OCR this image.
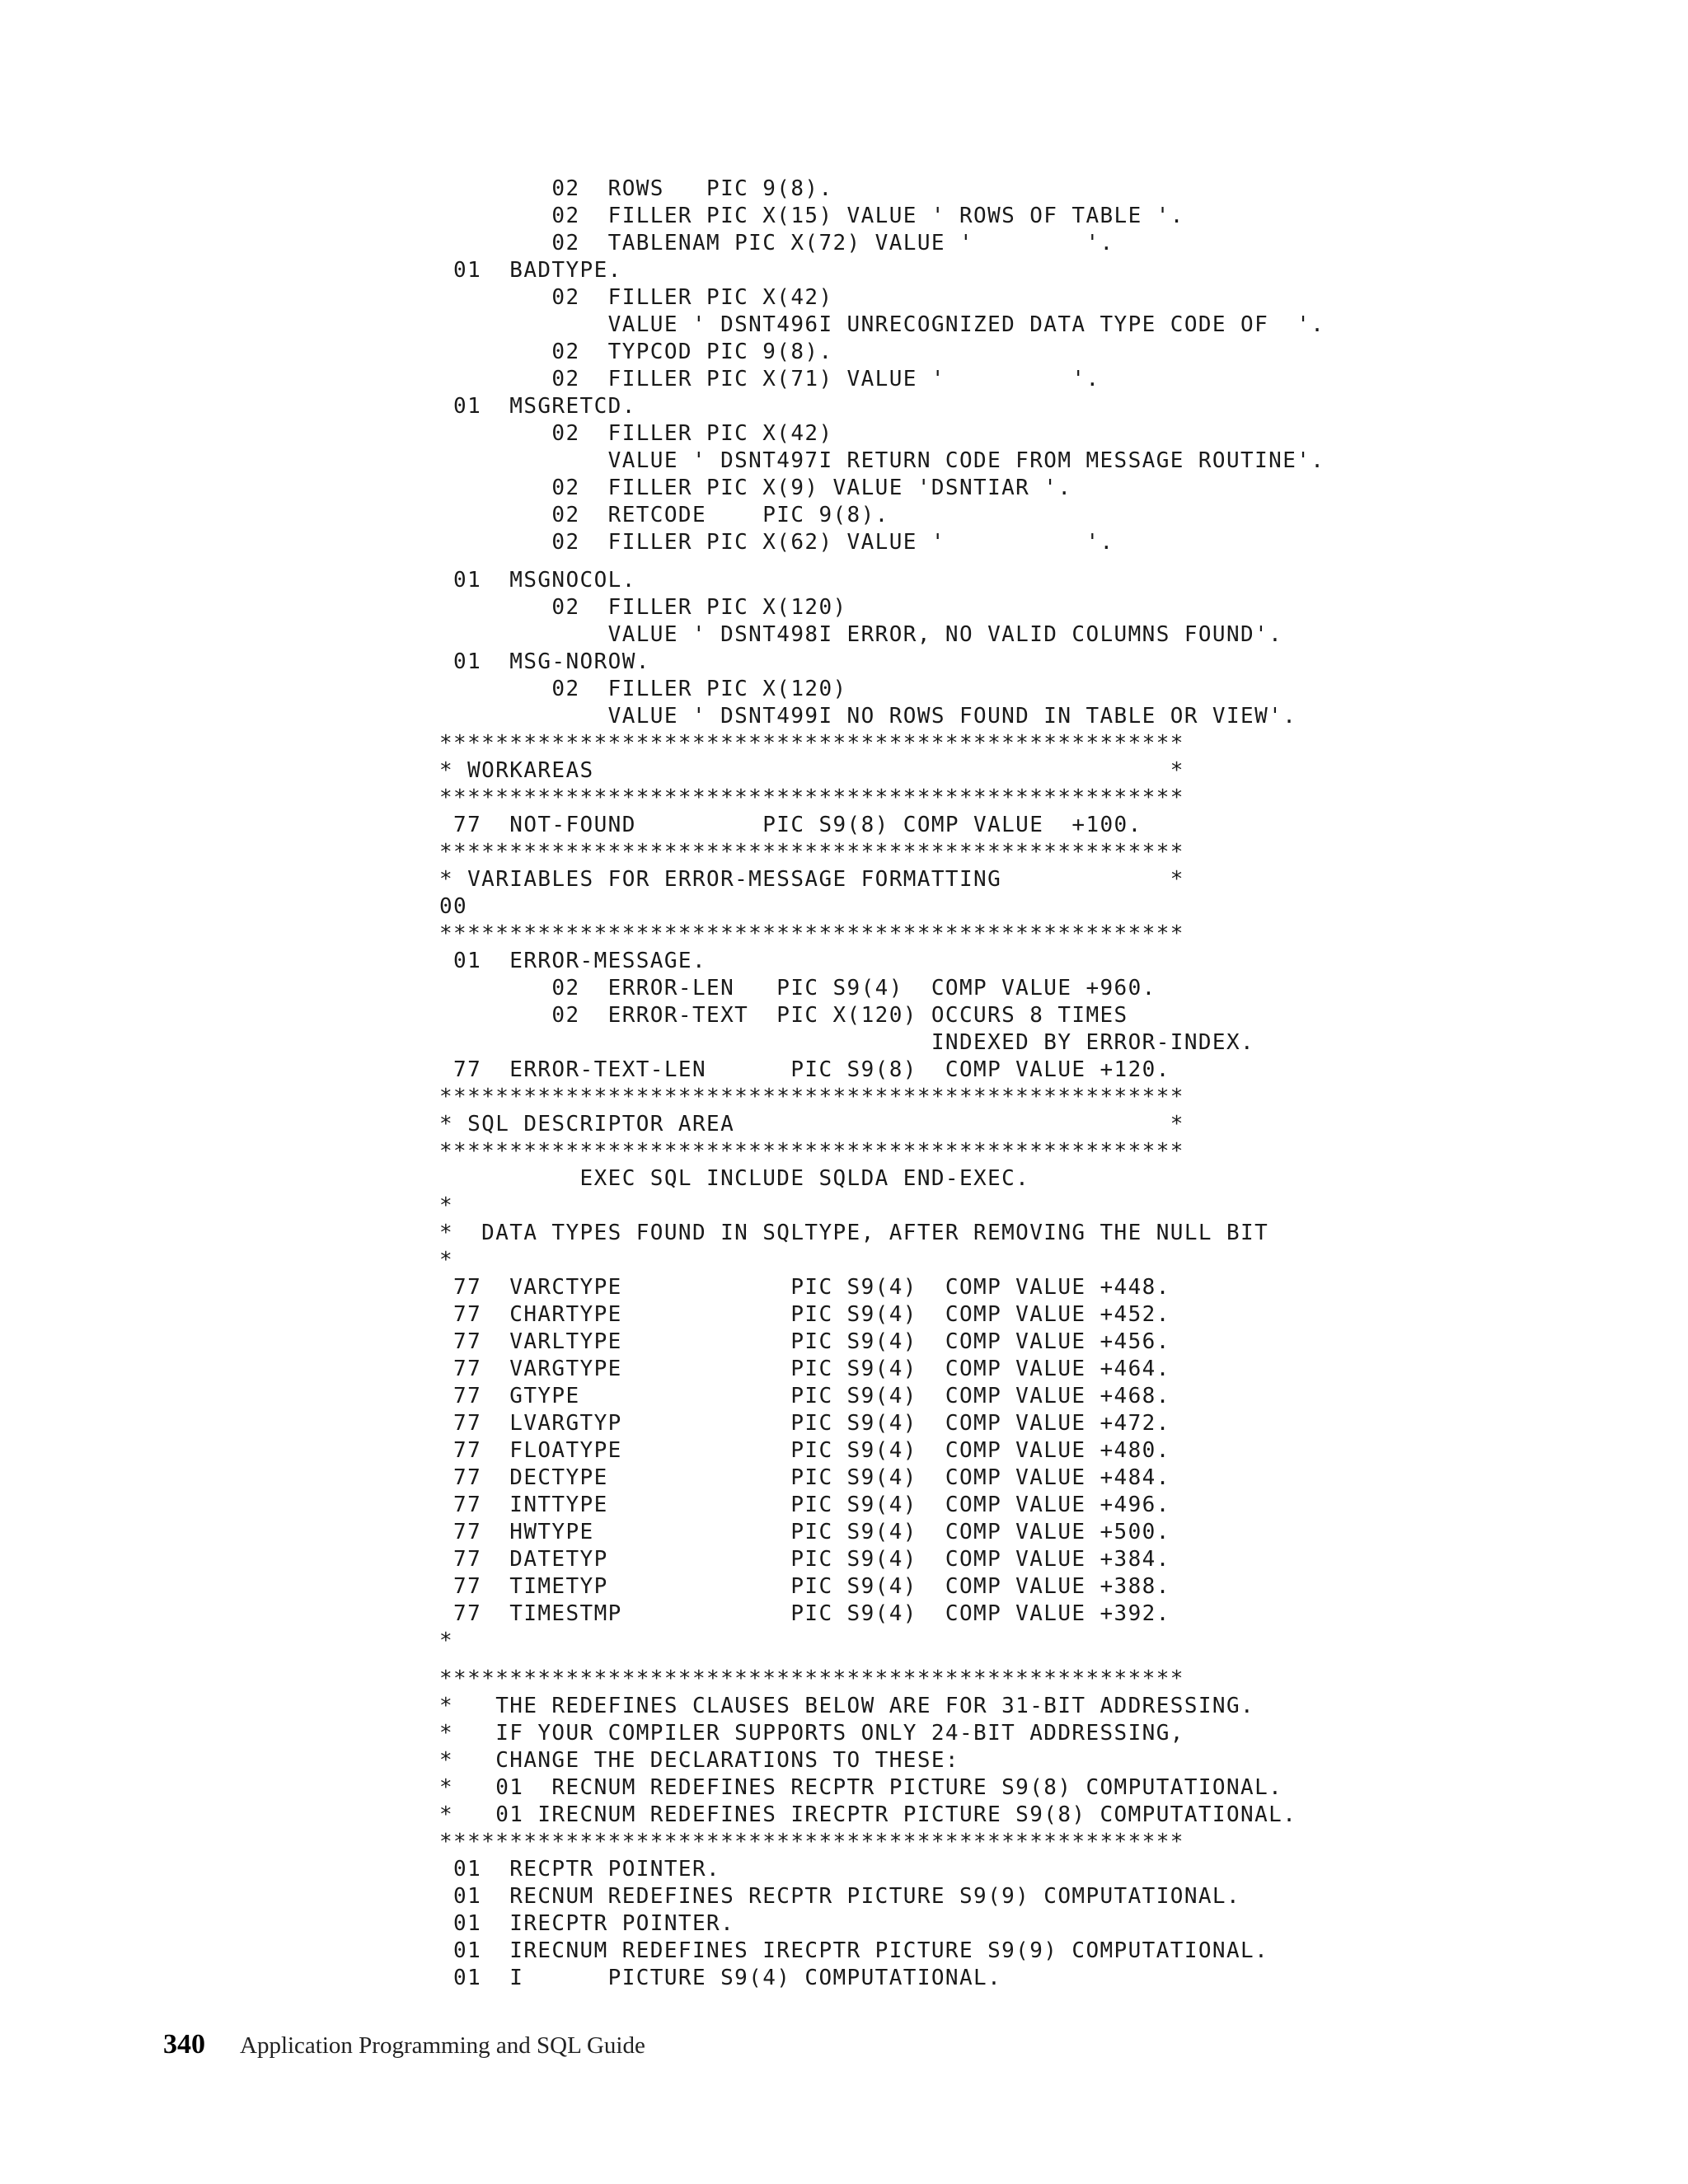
02  ROWS   PIC 9(8).
02  FILLER PIC X(15) VALUE ' ROWS OF TABLE '.
02  TABLENAM PIC X(72) VALUE '        '.
01  BADTYPE.
02  FILLER PIC X(42)
VALUE ' DSNT496I UNRECOGNIZED DATA TYPE CODE OF  '.
02  TYPCOD PIC 9(8).
02  FILLER PIC X(71) VALUE '         '.
01  MSGRETCD.
02  FILLER PIC X(42)
VALUE ' DSNT497I RETURN CODE FROM MESSAGE ROUTINE'.
02  FILLER PIC X(9) VALUE 'DSNTIAR '.
02  RETCODE    PIC 9(8).
02  FILLER PIC X(62) VALUE '          '.
01  MSGNOCOL.
02  FILLER PIC X(120)
VALUE ' DSNT498I ERROR, NO VALID COLUMNS FOUND'.
01  MSG-NOROW.
02  FILLER PIC X(120)
VALUE ' DSNT499I NO ROWS FOUND IN TABLE OR VIEW'.
*****************************************************
* WORKAREAS                                         *
*****************************************************
77  NOT-FOUND         PIC S9(8) COMP VALUE  +100.
*****************************************************
* VARIABLES FOR ERROR-MESSAGE FORMATTING            *
00
*****************************************************
01  ERROR-MESSAGE.
02  ERROR-LEN   PIC S9(4)  COMP VALUE +960.
02  ERROR-TEXT  PIC X(120) OCCURS 8 TIMES
INDEXED BY ERROR-INDEX.
77  ERROR-TEXT-LEN      PIC S9(8)  COMP VALUE +120.
*****************************************************
* SQL DESCRIPTOR AREA                               *
*****************************************************
EXEC SQL INCLUDE SQLDA END-EXEC.
*
*  DATA TYPES FOUND IN SQLTYPE, AFTER REMOVING THE NULL BIT
*
77  VARCTYPE            PIC S9(4)  COMP VALUE +448.
77  CHARTYPE            PIC S9(4)  COMP VALUE +452.
77  VARLTYPE            PIC S9(4)  COMP VALUE +456.
77  VARGTYPE            PIC S9(4)  COMP VALUE +464.
77  GTYPE               PIC S9(4)  COMP VALUE +468.
77  LVARGTYP            PIC S9(4)  COMP VALUE +472.
77  FLOATYPE            PIC S9(4)  COMP VALUE +480.
77  DECTYPE             PIC S9(4)  COMP VALUE +484.
77  INTTYPE             PIC S9(4)  COMP VALUE +496.
77  HWTYPE              PIC S9(4)  COMP VALUE +500.
77  DATETYP             PIC S9(4)  COMP VALUE +384.
77  TIMETYP             PIC S9(4)  COMP VALUE +388.
77  TIMESTMP            PIC S9(4)  COMP VALUE +392.
*
*****************************************************
*   THE REDEFINES CLAUSES BELOW ARE FOR 31-BIT ADDRESSING.
*   IF YOUR COMPILER SUPPORTS ONLY 24-BIT ADDRESSING,
*   CHANGE THE DECLARATIONS TO THESE:
*   01  RECNUM REDEFINES RECPTR PICTURE S9(8) COMPUTATIONAL.
*   01 IRECNUM REDEFINES IRECPTR PICTURE S9(8) COMPUTATIONAL.
*****************************************************
01  RECPTR POINTER.
01  RECNUM REDEFINES RECPTR PICTURE S9(9) COMPUTATIONAL.
01  IRECPTR POINTER.
01  IRECNUM REDEFINES IRECPTR PICTURE S9(9) COMPUTATIONAL.
01  I      PICTURE S9(4) COMPUTATIONAL.
340 Application Programming and SQL Guide
